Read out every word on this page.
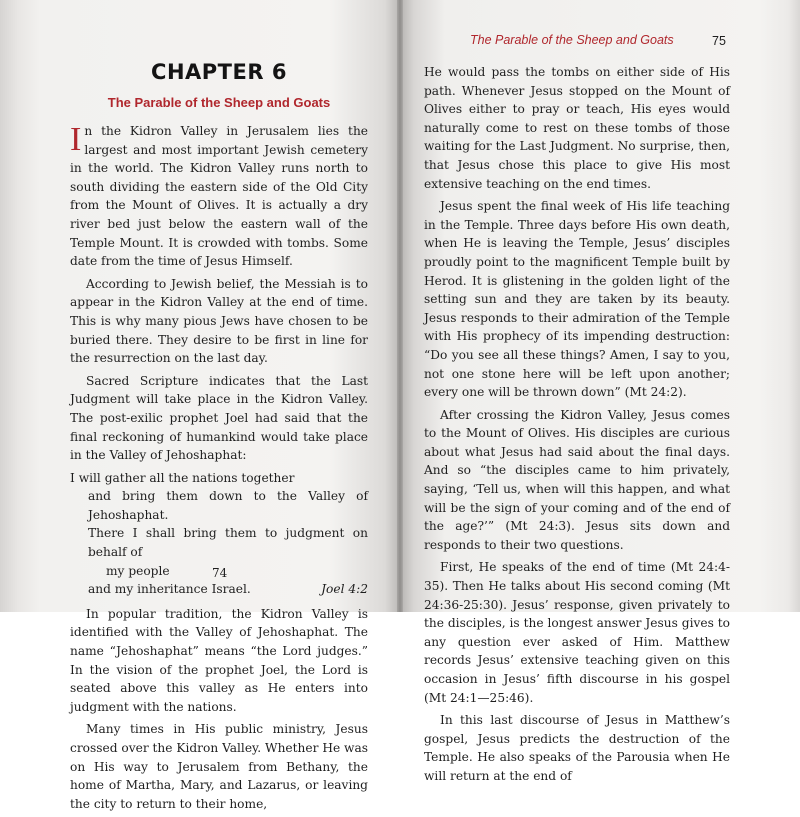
CHAPTER 6
The Parable of the Sheep and Goats

In the Kidron Valley in Jerusalem lies the largest and most important Jewish cemetery in the world. The Kidron Valley runs north to south dividing the eastern side of the Old City from the Mount of Olives. It is actually a dry river bed just below the eastern wall of the Temple Mount. It is crowded with tombs. Some date from the time of Jesus Himself.

According to Jewish belief, the Messiah is to appear in the Kidron Valley at the end of time. This is why many pious Jews have chosen to be buried there. They desire to be first in line for the resurrection on the last day.

Sacred Scripture indicates that the Last Judgment will take place in the Kidron Valley. The post-exilic prophet Joel had said that the final reckoning of humankind would take place in the Valley of Jehoshaphat:

I will gather all the nations together
and bring them down to the Valley of Jehoshaphat.
There I shall bring them to judgment on behalf of
my people
and my inheritance Israel.	Joel 4:2

In popular tradition, the Kidron Valley is identified with the Valley of Jehoshaphat. The name “Jehoshaphat” means “the Lord judges.” In the vision of the prophet Joel, the Lord is seated above this valley as He enters into judgment with the nations.

Many times in His public ministry, Jesus crossed over the Kidron Valley. Whether He was on His way to Jerusalem from Bethany, the home of Martha, Mary, and Lazarus, or leaving the city to return to their home,

74
The Parable of the Sheep and Goats	75

He would pass the tombs on either side of His path. Whenever Jesus stopped on the Mount of Olives either to pray or teach, His eyes would naturally come to rest on these tombs of those waiting for the Last Judgment. No surprise, then, that Jesus chose this place to give His most extensive teaching on the end times.

Jesus spent the final week of His life teaching in the Temple. Three days before His own death, when He is leaving the Temple, Jesus’ disciples proudly point to the magnificent Temple built by Herod. It is glistening in the golden light of the setting sun and they are taken by its beauty. Jesus responds to their admiration of the Temple with His prophecy of its impending destruction: “Do you see all these things? Amen, I say to you, not one stone here will be left upon another; every one will be thrown down” (Mt 24:2).

After crossing the Kidron Valley, Jesus comes to the Mount of Olives. His disciples are curious about what Jesus had said about the final days. And so “the disciples came to him privately, saying, ‘Tell us, when will this happen, and what will be the sign of your coming and of the end of the age?’” (Mt 24:3). Jesus sits down and responds to their two questions.

First, He speaks of the end of time (Mt 24:4-35). Then He talks about His second coming (Mt 24:36-25:30). Jesus’ response, given privately to the disciples, is the longest answer Jesus gives to any question ever asked of Him. Matthew records Jesus’ extensive teaching given on this occasion in Jesus’ fifth discourse in his gospel (Mt 24:1—25:46).

In this last discourse of Jesus in Matthew’s gospel, Jesus predicts the destruction of the Temple. He also speaks of the Parousia when He will return at the end of
